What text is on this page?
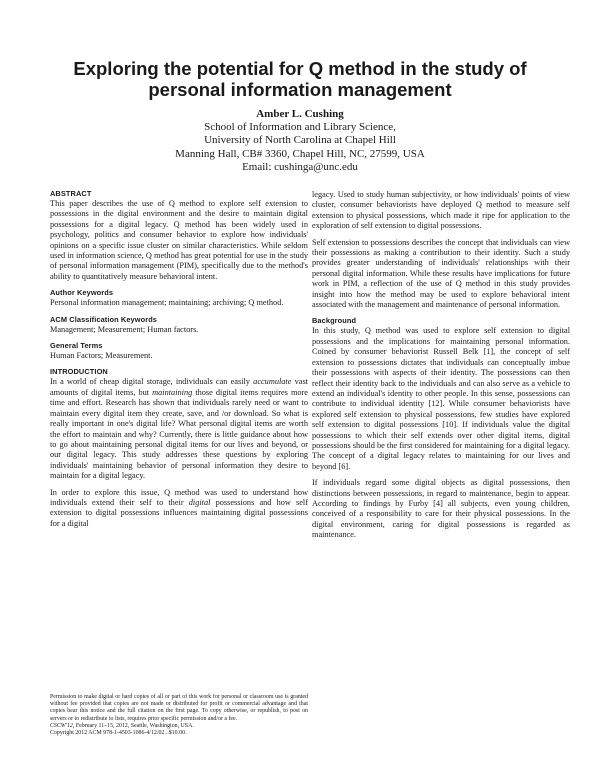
Exploring the potential for Q method in the study of personal information management
Amber L. Cushing
School of Information and Library Science,
University of North Carolina at Chapel Hill
Manning Hall, CB# 3360, Chapel Hill, NC, 27599, USA
Email: cushinga@unc.edu
ABSTRACT

This paper describes the use of Q method to explore self extension to possessions in the digital environment and the desire to maintain digital possessions for a digital legacy. Q method has been widely used in psychology, politics and consumer behavior to explore how individuals' opinions on a specific issue cluster on similar characteristics. While seldom used in information science, Q method has great potential for use in the study of personal information management (PIM), specifically due to the method's ability to quantitatively measure behavioral intent.

Author Keywords

Personal information management; maintaining; archiving; Q method.

ACM Classification Keywords

Management; Measurement; Human factors.

General Terms

Human Factors; Measurement.

INTRODUCTION

In a world of cheap digital storage, individuals can easily accumulate vast amounts of digital items, but maintaining those digital items requires more time and effort. Research has shown that individuals rarely need or want to maintain every digital item they create, save, and /or download. So what is really important in one's digital life? What personal digital items are worth the effort to maintain and why? Currently, there is little guidance about how to go about maintaining personal digital items for our lives and beyond, or our digital legacy. This study addresses these questions by exploring individuals' maintaining behavior of personal information they desire to maintain for a digital legacy.

In order to explore this issue, Q method was used to understand how individuals extend their self to their digital possessions and how self extension to digital possessions influences maintaining digital possessions for a digital

legacy. Used to study human subjectivity, or how individuals' points of view cluster, consumer behaviorists have deployed Q method to measure self extension to physical possessions, which made it ripe for application to the exploration of self extension to digital possessions.

Self extension to possessions describes the concept that individuals can view their possessions as making a contribution to their identity. Such a study provides greater understanding of individuals' relationships with their personal digital information. While these results have implications for future work in PIM, a reflection of the use of Q method in this study provides insight into how the method may be used to explore behavioral intent associated with the management and maintenance of personal information.

Background

In this study, Q method was used to explore self extension to digital possessions and the implications for maintaining personal information. Coined by consumer behaviorist Russell Belk [1], the concept of self extension to possessions dictates that individuals can conceptually imbue their possessions with aspects of their identity. The possessions can then reflect their identity back to the individuals and can also serve as a vehicle to extend an individual's identity to other people. In this sense, possessions can contribute to individual identity [12]. While consumer behaviorists have explored self extension to physical possessions, few studies have explored self extension to digital possessions [10]. If individuals value the digital possessions to which their self extends over other digital items, digital possessions should be the first considered for maintaining for a digital legacy. The concept of a digital legacy relates to maintaining for our lives and beyond [6].

If individuals regard some digital objects as digital possessions, then distinctions between possessions, in regard to maintenance, begin to appear. According to findings by Furby [4] all subjects, even young children, conceived of a responsibility to care for their physical possessions. In the digital environment, caring for digital possessions is regarded as maintenance.

Permission to make digital or hard copies of all or part of this work for personal or classroom use is granted without fee provided that copies are not made or distributed for profit or commercial advantage and that copies bear this notice and the full citation on the first page. To copy otherwise, or republish, to post on servers or to redistribute to lists, requires prior specific permission and/or a fee.

CSCW'12, February 11–15, 2012, Seattle, Washington, USA.

Copyright 2012 ACM 978-1-4503-1086-4/12/02...$10.00.
